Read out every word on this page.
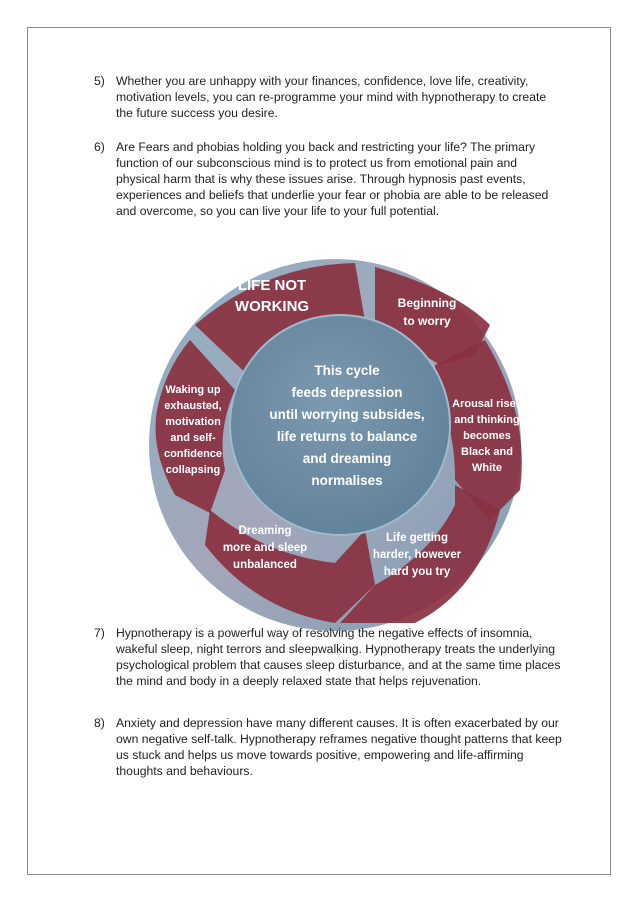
5) Whether you are unhappy with your finances, confidence, love life, creativity, motivation levels, you can re-programme your mind with hypnotherapy to create the future success you desire.
6) Are Fears and phobias holding you back and restricting your life? The primary function of our subconscious mind is to protect us from emotional pain and physical harm that is why these issues arise. Through hypnosis past events, experiences and beliefs that underlie your fear or phobia are able to be released and overcome, so you can live your life to your full potential.
This cycle
feeds depression
until worrying subsides,
life returns to balance
and dreaming
normalises
LIFE NOT
WORKING	Beginning
to worry
Arousal rises
and thinking
becomes
Black and
White
Life getting
harder, however
hard you try
Dreaming
more and sleep
unbalanced
Waking up
exhausted,
motivation
and self-
confidence
collapsing
7) Hypnotherapy is a powerful way of resolving the negative effects of insomnia, wakeful sleep, night terrors and sleepwalking. Hypnotherapy treats the underlying psychological problem that causes sleep disturbance, and at the same time places the mind and body in a deeply relaxed state that helps rejuvenation.
8) Anxiety and depression have many different causes. It is often exacerbated by our own negative self-talk. Hypnotherapy reframes negative thought patterns that keep us stuck and helps us move towards positive, empowering and life-affirming thoughts and behaviours.
